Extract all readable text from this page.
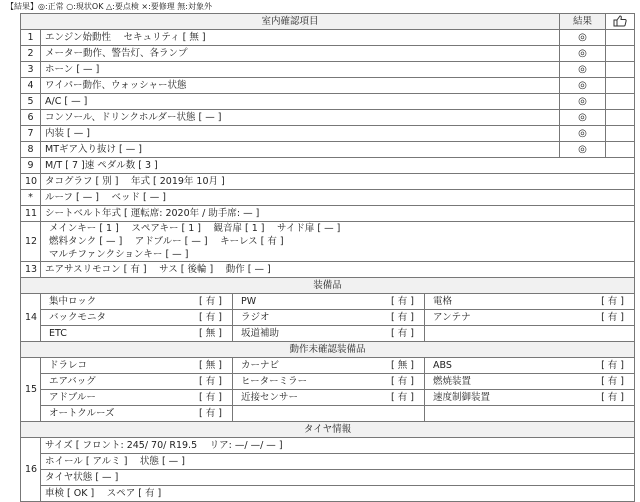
【結果】◎:正常 ○:現状OK △:要点検 ×:要修理 無:対象外
室内確認項目				結果	
1	エンジン始動性　 セキュリティ [ 無 ]			◎	
2	メーター動作、警告灯、各ランプ			◎	
3	ホーン [ — ]			◎	
4	ワイパー動作、ウォッシャー状態			◎	
5	A/C [ — ]			◎	
6	コンソール、ドリンクホルダー状態 [ — ]			◎	
7	内装 [ — ]			◎	
8	MTギア入り抜け [ — ]			◎	
9	M/T [ 7 ]速 ペダル数 [ 3 ]				
10	タコグラフ [ 別 ]　 年式 [ 2019年 10月 ]				
*	ルーフ [ — ]　 ベッド [ — ]				
11	シートベルト年式 [ 運転席: 2020年 / 助手席: — ]				
12	メインキー [ 1 ]　 スペアキー [ 1 ]　 観音扉 [ 1 ]　 サイド扉 [ — ]
燃料タンク [ — ]　 アドブルー [ — ]　 キーレス [ 有 ]
マルチファンクションキー [ — ]				

13	エアサスリモコン [ 有 ]　 サス [ 後輪 ]　 動作 [ — ]				
装備品					
14	集中ロック [ 有 ]	PW [ 有 ]	電格 [ 有 ]		

	バックモニタ [ 有 ]	ラジオ [ 有 ]	アンテナ [ 有 ]		

	ETC [ 無 ]	坂道補助 [ 有 ]			

動作未確認装備品					
15	ドラレコ [ 無 ]	カーナビ [ 無 ]	ABS [ 有 ]		

	エアバッグ [ 有 ]	ヒーターミラー [ 有 ]	燃焼装置 [ 有 ]		

	アドブルー [ 有 ]	近接センサー [ 有 ]	速度制御装置 [ 有 ]		

	オートクルーズ [ 有 ]				

タイヤ情報					
16	サイズ [ フロント: 245/ 70/ R19.5　 リア: —/ —/ — ]				
	ホイール [ アルミ ]　 状態 [ — ]				
	タイヤ状態 [ — ]				
	車検 [ OK ]　 スペア [ 有 ]				
